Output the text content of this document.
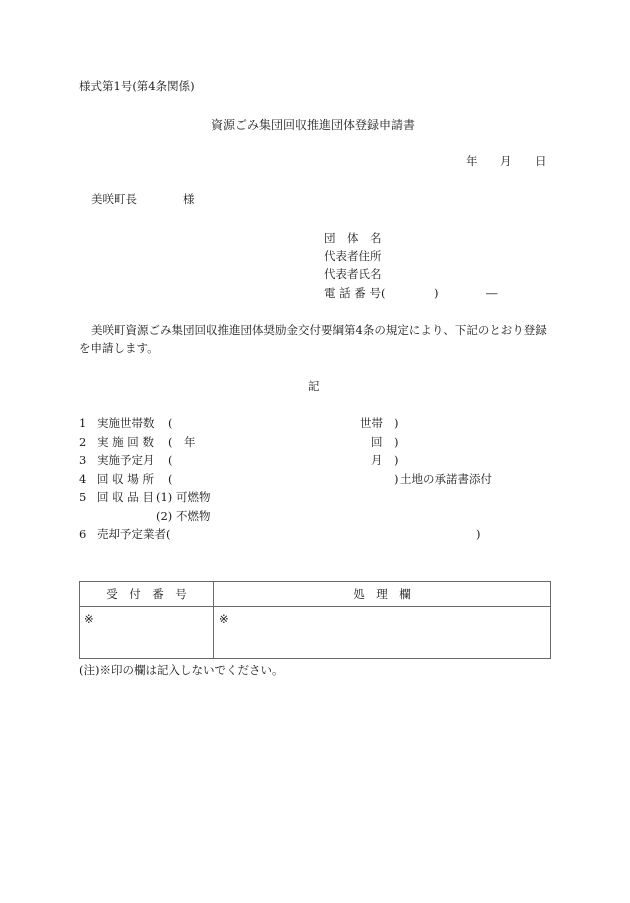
様式第1号(第4条関係)
資源ごみ集団回収推進団体登録申請書
年 月 日
美咲町長	様
団　体　名
代表者住所
代表者氏名
電 話 番 号(	)	―
美咲町資源ごみ集団回収推進団体奨励金交付要綱第4条の規定により、下記のとおり登録
を申請します。
記
1 実施世帯数 (	世帯 )
2 実 施 回 数 ( 年	回 )
3 実施予定月 (	月 )
4 回 収 場 所 (	) 土地の承諾書添付
5 回 収 品 目 (1) 可燃物
(2) 不燃物
6 売却予定業者(	)
受　付　番　号	処　理　欄
※	※
(注)※印の欄は記入しないでください。
